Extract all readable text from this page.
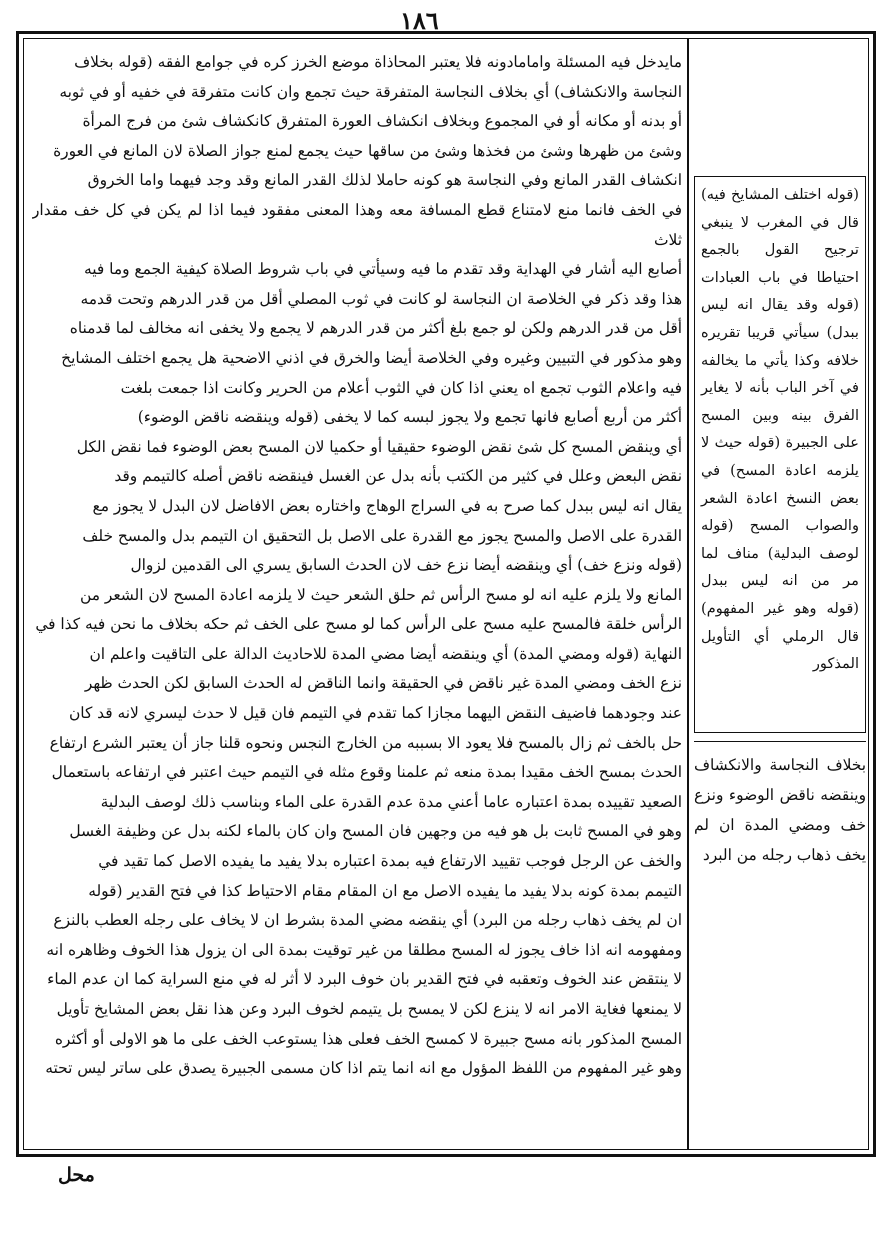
١٨٦

مايدخل فيه المسئلة وامامادونه فلا يعتبر المحاذاة موضع الخرز كره في جوامع الفقه (قوله بخلاف

النجاسة والانكشاف) أي بخلاف النجاسة المتفرقة حيث تجمع وان كانت متفرقة في خفيه أو في ثوبه

أو بدنه أو مكانه أو في المجموع وبخلاف انكشاف العورة المتفرق كانكشاف شئ من فرج المرأة

وشئ من ظهرها وشئ من فخذها وشئ من ساقها حيث يجمع لمنع جواز الصلاة لان المانع في العورة

انكشاف القدر المانع وفي النجاسة هو كونه حاملا لذلك القدر المانع وقد وجد فيهما واما الخروق

في الخف فانما منع لامتناع قطع المسافة معه وهذا المعنى مفقود فيما اذا لم يكن في كل خف مقدار ثلاث

أصابع اليه أشار في الهداية وقد تقدم ما فيه وسيأتي في باب شروط الصلاة كيفية الجمع وما فيه

هذا وقد ذكر في الخلاصة ان النجاسة لو كانت في ثوب المصلي أقل من قدر الدرهم وتحت قدمه

أقل من قدر الدرهم ولكن لو جمع بلغ أكثر من قدر الدرهم لا يجمع ولا يخفى انه مخالف لما قدمناه

وهو مذكور في التبيين وغيره وفي الخلاصة أيضا والخرق في اذني الاضحية هل يجمع اختلف المشايخ

فيه واعلام الثوب تجمع اه يعني اذا كان في الثوب أعلام من الحرير وكانت اذا جمعت بلغت

أكثر من أربع أصابع فانها تجمع ولا يجوز لبسه كما لا يخفى (قوله وينقضه ناقض الوضوء)

أي وينقض المسح كل شئ نقض الوضوء حقيقيا أو حكميا لان المسح بعض الوضوء فما نقض الكل

نقض البعض وعلل في كثير من الكتب بأنه بدل عن الغسل فينقضه ناقض أصله كالتيمم وقد

يقال انه ليس ببدل كما صرح به في السراج الوهاج واختاره بعض الافاضل لان البدل لا يجوز مع

القدرة على الاصل والمسح يجوز مع القدرة على الاصل بل التحقيق ان التيمم بدل والمسح خلف

(قوله ونزع خف) أي وينقضه أيضا نزع خف لان الحدث السابق يسري الى القدمين لزوال

المانع ولا يلزم عليه انه لو مسح الرأس ثم حلق الشعر حيث لا يلزمه اعادة المسح لان الشعر من

الرأس خلقة فالمسح عليه مسح على الرأس كما لو مسح على الخف ثم حكه بخلاف ما نحن فيه كذا في

النهاية (قوله ومضي المدة) أي وينقضه أيضا مضي المدة للاحاديث الدالة على التاقيت واعلم ان

نزع الخف ومضي المدة غير ناقض في الحقيقة وانما الناقض له الحدث السابق لكن الحدث ظهر

عند وجودهما فاضيف النقض اليهما مجازا كما تقدم في التيمم فان قيل لا حدث ليسري لانه قد كان

حل بالخف ثم زال بالمسح فلا يعود الا بسببه من الخارج النجس ونحوه قلنا جاز أن يعتبر الشرع ارتفاع

الحدث بمسح الخف مقيدا بمدة منعه ثم علمنا وقوع مثله في التيمم حيث اعتبر في ارتفاعه باستعمال

الصعيد تقييده بمدة اعتباره عاما أعني مدة عدم القدرة على الماء وبناسب ذلك لوصف البدلية

وهو في المسح ثابت بل هو فيه من وجهين فان المسح وان كان بالماء لكنه بدل عن وظيفة الغسل

والخف عن الرجل فوجب تقييد الارتفاع فيه بمدة اعتباره بدلا يفيد ما يفيده الاصل كما تقيد في

التيمم بمدة كونه بدلا يفيد ما يفيده الاصل مع ان المقام مقام الاحتياط كذا في فتح القدير (قوله

ان لم يخف ذهاب رجله من البرد) أي ينقضه مضي المدة بشرط ان لا يخاف على رجله العطب بالنزع

ومفهومه انه اذا خاف يجوز له المسح مطلقا من غير توقيت بمدة الى ان يزول هذا الخوف وظاهره انه

لا ينتقض عند الخوف وتعقبه في فتح القدير بان خوف البرد لا أثر له في منع السراية كما ان عدم الماء

لا يمنعها فغاية الامر انه لا ينزع لكن لا يمسح بل يتيمم لخوف البرد وعن هذا نقل بعض المشايخ تأويل

المسح المذكور بانه مسح جبيرة لا كمسح الخف فعلى هذا يستوعب الخف على ما هو الاولى أو أكثره

وهو غير المفهوم من اللفظ المؤول مع انه انما يتم اذا كان مسمى الجبيرة يصدق على ساتر ليس تحته

(قوله اختلف المشايخ فيه) قال في المغرب لا ينبغي ترجيح القول بالجمع احتياطا في باب العبادات (قوله وقد يقال انه ليس ببدل) سيأتي قريبا تقريره خلافه وكذا يأتي ما يخالفه في آخر الباب بأنه لا يغاير الفرق بينه وبين المسح على الجبيرة (قوله حيث لا يلزمه اعادة المسح) في بعض النسخ اعادة الشعر والصواب المسح (قوله لوصف البدلية) مناف لما مر من انه ليس ببدل (قوله وهو غير المفهوم) قال الرملي أي التأويل المذكور
بخلاف النجاسة والانكشاف وينقضه ناقض الوضوء ونزع خف ومضي المدة ان لم يخف ذهاب رجله من البرد
محل
